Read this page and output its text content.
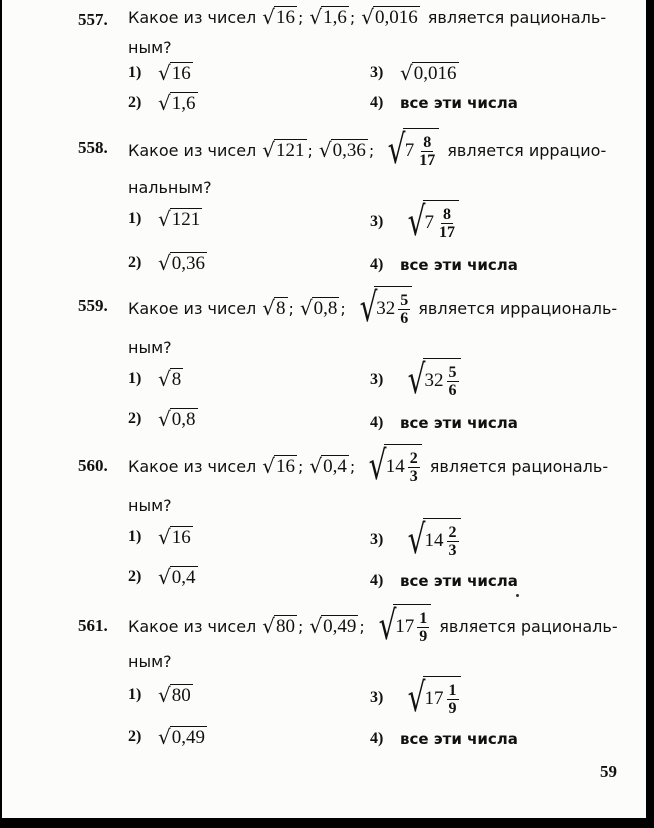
557. Какое из чисел √ 16 ; √ 1,6 ; √ 0,016 является рациональ-
ным?
1) √ 16
2) √ 1,6
3) √ 0,016
4)	все эти числа
558. Какое из чисел √ 121 ; √ 0,36 ; √ $7 \frac{8}{17}$ является иррацио-
нальным?
1) √ 121
2) √ 0,36
3) √ $7 \frac{8}{17}$
4)	все эти числа
559. Какое из чисел √ 8 ; √ 0,8 ; √ $32 \frac{5}{6}$ является иррациональ-
ным?
1) √ 8
2) √ 0,8
3) √ $32 \frac{5}{6}$
4)	все эти числа
560. Какое из чисел √ 16 ; √ 0,4 ; √ $14 \frac{2}{3}$ является рациональ-
ным?
1) √ 16
2) √ 0,4
3) √ $14 \frac{2}{3}$
4)	все эти числа
561. Какое из чисел √ 80 ; √ 0,49 ; √ $17 \frac{1}{9}$ является рациональ-
ным?
1) √ 80
2) √ 0,49
3) √ $17 \frac{1}{9}$
4)	все эти числа
59
